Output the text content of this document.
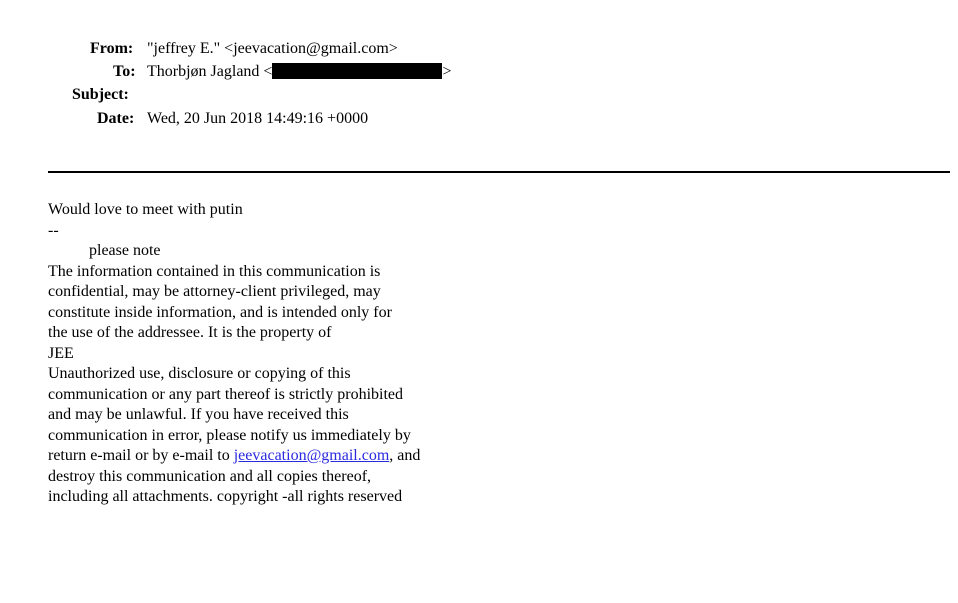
From: "jeffrey E." <jeevacation@gmail.com>
To: Thorbjøn Jagland <	>
Subject:
Date: Wed, 20 Jun 2018 14:49:16 +0000
Would love to meet with putin
--
please note
The information contained in this communication is
confidential, may be attorney-client privileged, may
constitute inside information, and is intended only for
the use of the addressee. It is the property of
JEE
Unauthorized use, disclosure or copying of this
communication or any part thereof is strictly prohibited
and may be unlawful. If you have received this
communication in error, please notify us immediately by
return e-mail or by e-mail to jeevacation@gmail.com, and
destroy this communication and all copies thereof,
including all attachments. copyright -all rights reserved
